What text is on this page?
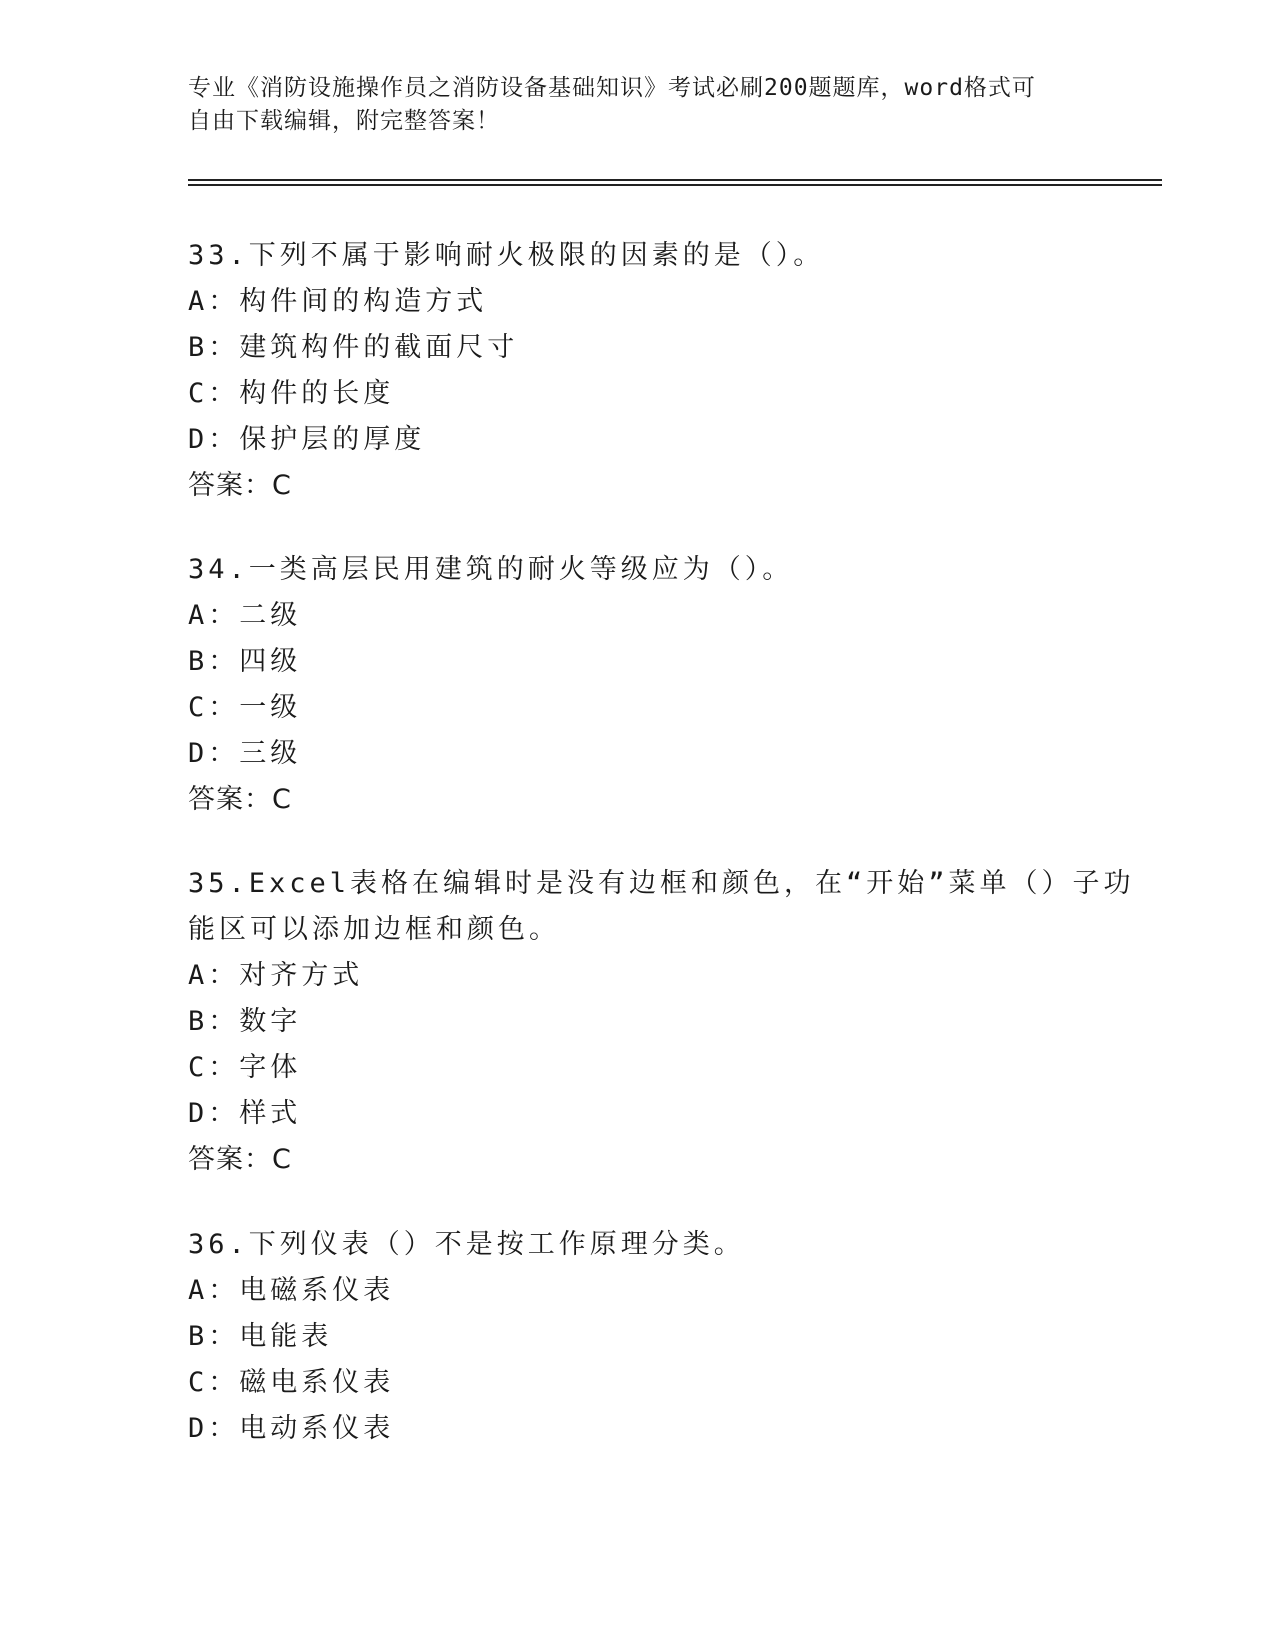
专业《消防设施操作员之消防设备基础知识》考试必刷200题题库，word格式可
自由下载编辑，附完整答案！
33.下列不属于影响耐火极限的因素的是（）。
A：构件间的构造方式
B：建筑构件的截面尺寸
C：构件的长度
D：保护层的厚度
答案：C
34.一类高层民用建筑的耐火等级应为（）。
A：二级
B：四级
C：一级
D：三级
答案：C
35.Excel表格在编辑时是没有边框和颜色，在“开始”菜单（）子功
能区可以添加边框和颜色。
A：对齐方式
B：数字
C：字体
D：样式
答案：C
36.下列仪表（）不是按工作原理分类。
A：电磁系仪表
B：电能表
C：磁电系仪表
D：电动系仪表
